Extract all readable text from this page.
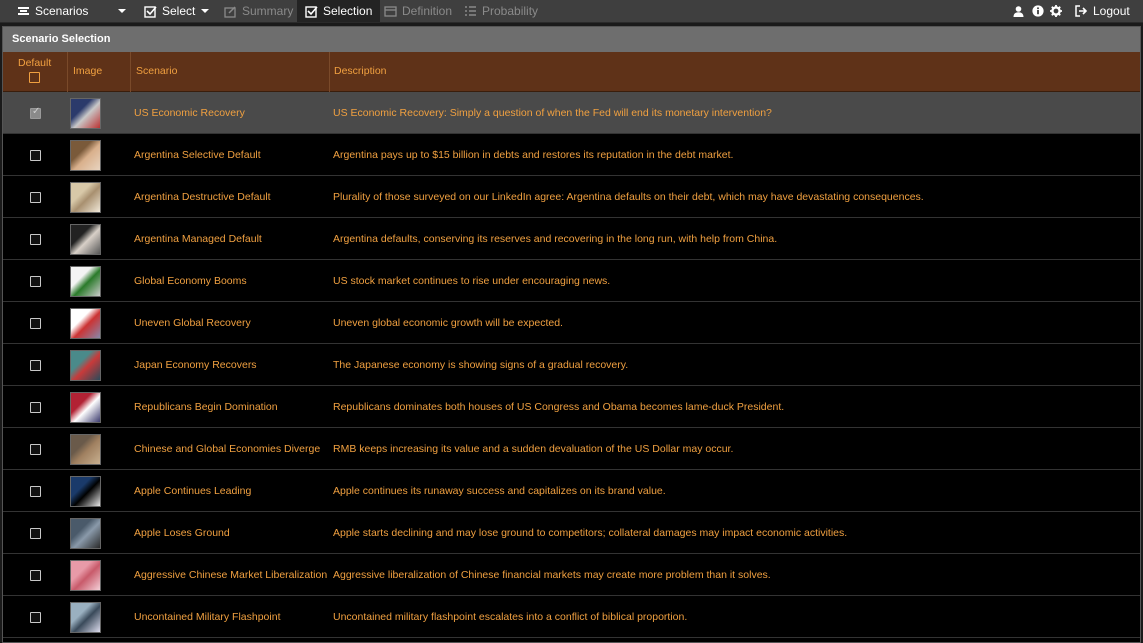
Scenarios	Select	Summary Selection Definition Probability	Logout
Scenario Selection
Default
Image	Scenario	Description
✓
US Economic Recovery	US Economic Recovery: Simply a question of when the Fed will end its monetary intervention?
Argentina Selective Default	Argentina pays up to $15 billion in debts and restores its reputation in the debt market.
Argentina Destructive Default	Plurality of those surveyed on our LinkedIn agree: Argentina defaults on their debt, which may have devastating consequences.
Argentina Managed Default	Argentina defaults, conserving its reserves and recovering in the long run, with help from China.
Global Economy Booms	US stock market continues to rise under encouraging news.
Uneven Global Recovery	Uneven global economic growth will be expected.
Japan Economy Recovers	The Japanese economy is showing signs of a gradual recovery.
Republicans Begin Domination	Republicans dominates both houses of US Congress and Obama becomes lame-duck President.
Chinese and Global Economies Diverge	RMB keeps increasing its value and a sudden devaluation of the US Dollar may occur.
Apple Continues Leading	Apple continues its runaway success and capitalizes on its brand value.
Apple Loses Ground	Apple starts declining and may lose ground to competitors; collateral damages may impact economic activities.
Aggressive Chinese Market Liberalization Aggressive liberalization of Chinese financial markets may create more problem than it solves.
Uncontained Military Flashpoint	Uncontained military flashpoint escalates into a conflict of biblical proportion.
